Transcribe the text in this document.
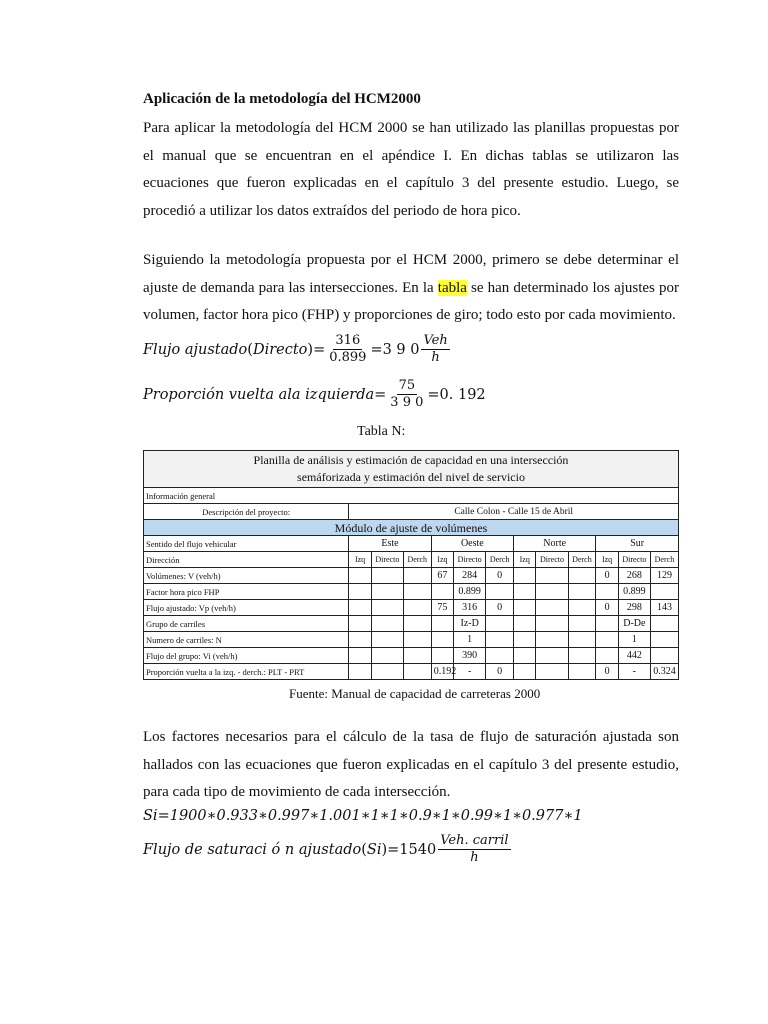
Aplicación de la metodología del HCM2000
Para aplicar la metodología del HCM 2000 se han utilizado las planillas propuestas por
el manual que se encuentran en el apéndice I. En dichas tablas se utilizaron las
ecuaciones que fueron explicadas en el capítulo 3 del presente estudio. Luego, se
procedió a utilizar los datos extraídos del periodo de hora pico.
Siguiendo la metodología propuesta por el HCM 2000, primero se debe determinar el
ajuste de demanda para las intersecciones. En la tabla se han determinado los ajustes por
volumen, factor hora pico (FHP) y proporciones de giro; todo esto por cada movimiento.
Flujo ajustado ( Directo )= $\frac{316}{0.899} =3$ 9 $0 \frac{\text{Veh}}{h}$
Proporción vuelta ala izquierda= $\frac{75}{3 9 0} =0$. 192
Tabla N:
Planilla de análisis y estimación de capacidad en una intersección
semáforizada y estimación del nivel de servicio												

Información general												
Descripción del proyecto:	Calle Colon - Calle 15 de Abril											
Módulo de ajuste de volúmenes												
Sentido del flujo vehicular	Este			Oeste			Norte			Sur		
Dirección	Izq	Directo	Derch	Izq	Directo	Derch	Izq	Directo	Derch	Izq	Directo	Derch
Volúmenes: V (veh/h)				67	284	0				0	268	129
Factor hora pico FHP					0.899						0.899	
Flujo ajustado: Vp (veh/h)				75	316	0				0	298	143
Grupo de carriles					Iz-D						D-De	
Numero de carriles: N					1						1	
Flujo del grupo: Vi (veh/h)					390						442	
Proporción vuelta a la izq. - derch.: PLT - PRT				0.192	-	0				0	-	0.324
Fuente: Manual de capacidad de carreteras 2000
Los factores necesarios para el cálculo de la tasa de flujo de saturación ajustada son
hallados con las ecuaciones que fueron explicadas en el capítulo 3 del presente estudio,
para cada tipo de movimiento de cada intersección.
Si=1900∗0.933∗0.997∗1.001∗1∗1∗0.9∗1∗0.99∗1∗0.977∗1
Flujo de saturaci ó n ajustado ( Si ) $=1540 \frac{\text{Veh. carril}}{h}$
